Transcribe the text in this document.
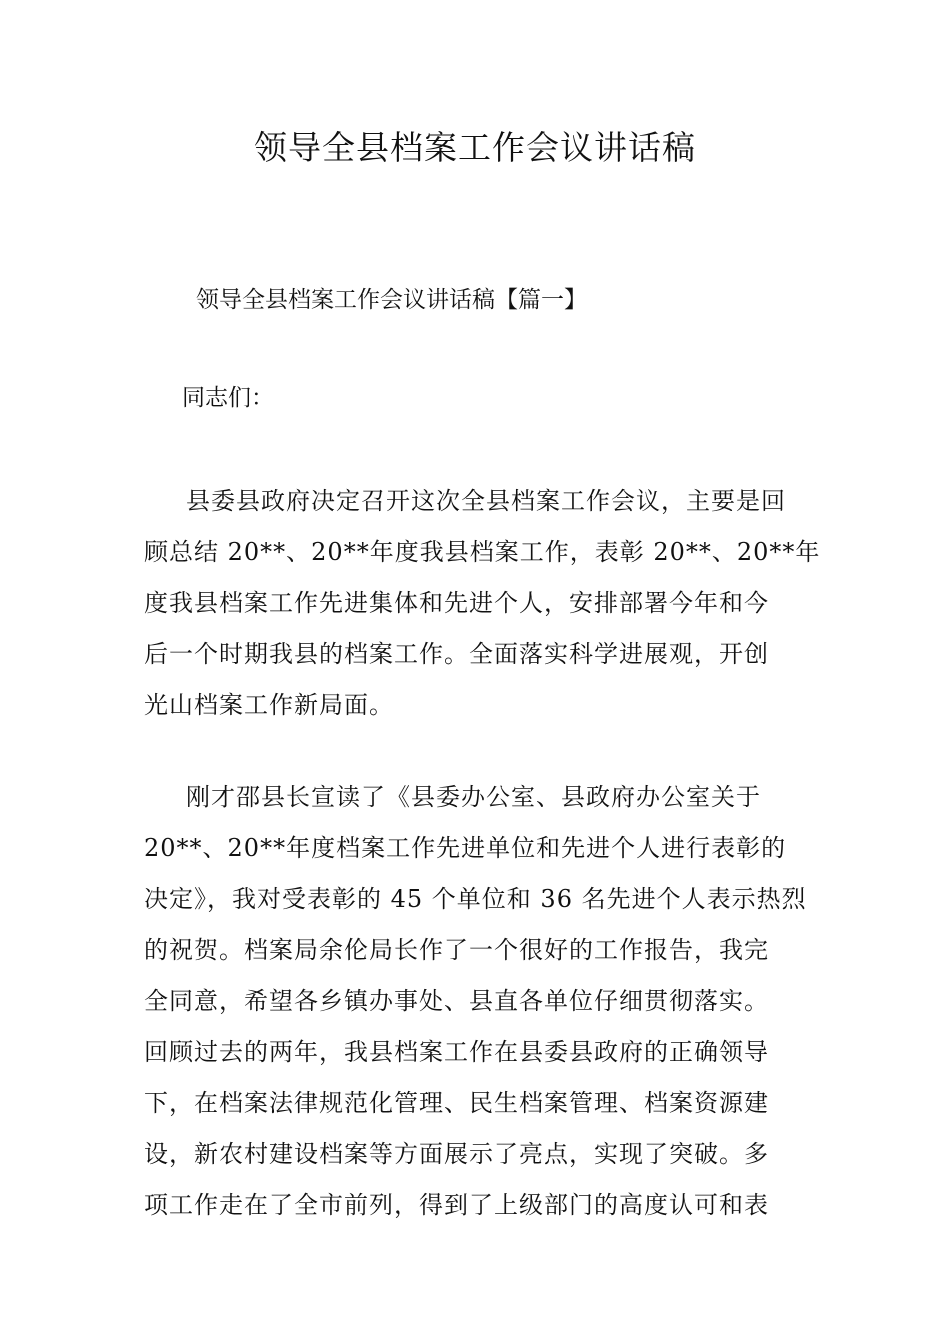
领导全县档案工作会议讲话稿
领导全县档案工作会议讲话稿【篇一】
同志们：
县委县政府决定召开这次全县档案工作会议，主要是回
顾总结 20**、20**年度我县档案工作，表彰 20**、20**年
度我县档案工作先进集体和先进个人，安排部署今年和今
后一个时期我县的档案工作。全面落实科学进展观，开创
光山档案工作新局面。
刚才邵县长宣读了《县委办公室、县政府办公室关于
20**、20**年度档案工作先进单位和先进个人进行表彰的
决定》，我对受表彰的 45 个单位和 36 名先进个人表示热烈
的祝贺。档案局余伦局长作了一个很好的工作报告，我完
全同意，希望各乡镇办事处、县直各单位仔细贯彻落实。
回顾过去的两年，我县档案工作在县委县政府的正确领导
下，在档案法律规范化管理、民生档案管理、档案资源建
设，新农村建设档案等方面展示了亮点，实现了突破。多
项工作走在了全市前列，得到了上级部门的高度认可和表
